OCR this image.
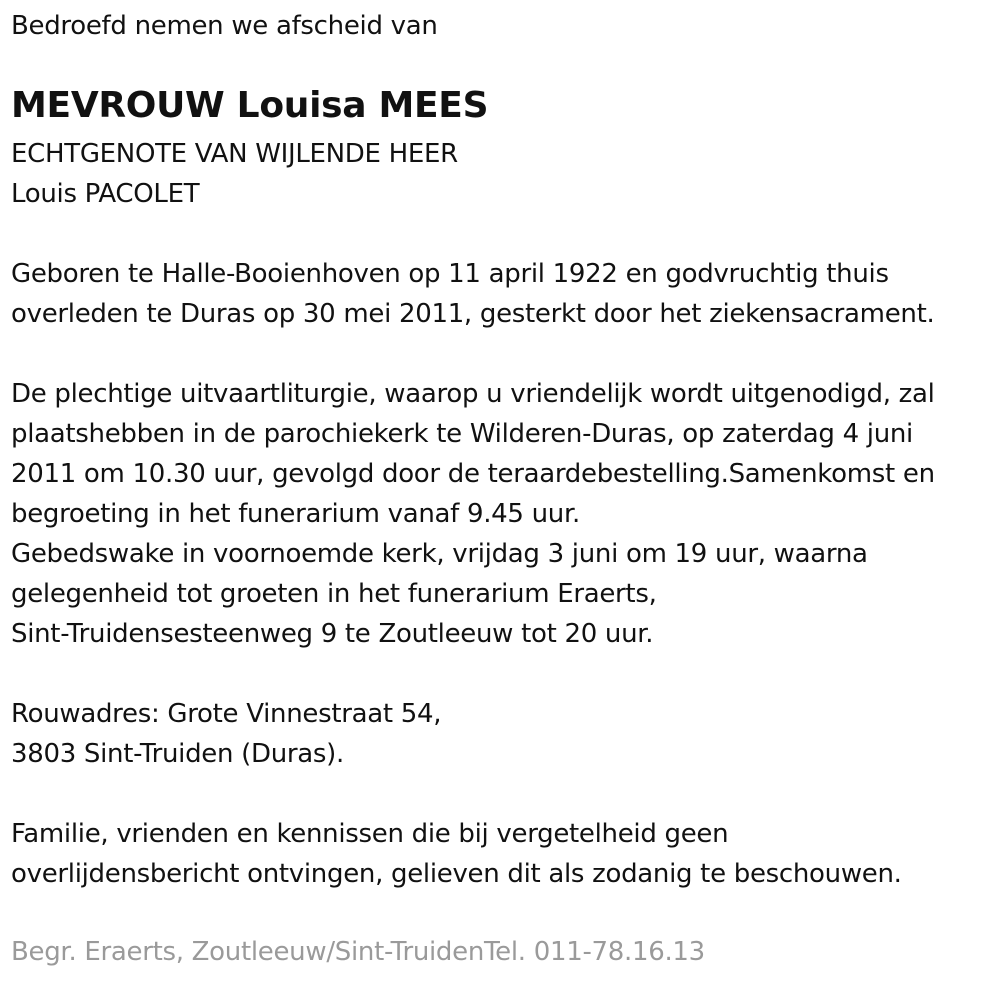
Bedroefd nemen we afscheid van
MEVROUW Louisa MEES
ECHTGENOTE VAN WIJLENDE HEER
Louis PACOLET
Geboren te Halle-Booienhoven op 11 april 1922 en godvruchtig thuis
overleden te Duras op 30 mei 2011, gesterkt door het ziekensacrament.
De plechtige uitvaartliturgie, waarop u vriendelijk wordt uitgenodigd, zal
plaatshebben in de parochiekerk te Wilderen-Duras, op zaterdag 4 juni
2011 om 10.30 uur, gevolgd door de teraardebestelling.Samenkomst en
begroeting in het funerarium vanaf 9.45 uur.
Gebedswake in voornoemde kerk, vrijdag 3 juni om 19 uur, waarna
gelegenheid tot groeten in het funerarium Eraerts,
Sint-Truidensesteenweg 9 te Zoutleeuw tot 20 uur.
Rouwadres: Grote Vinnestraat 54,
3803 Sint-Truiden (Duras).
Familie, vrienden en kennissen die bij vergetelheid geen
overlijdensbericht ontvingen, gelieven dit als zodanig te beschouwen.
Begr. Eraerts, Zoutleeuw/Sint-TruidenTel. 011-78.16.13
